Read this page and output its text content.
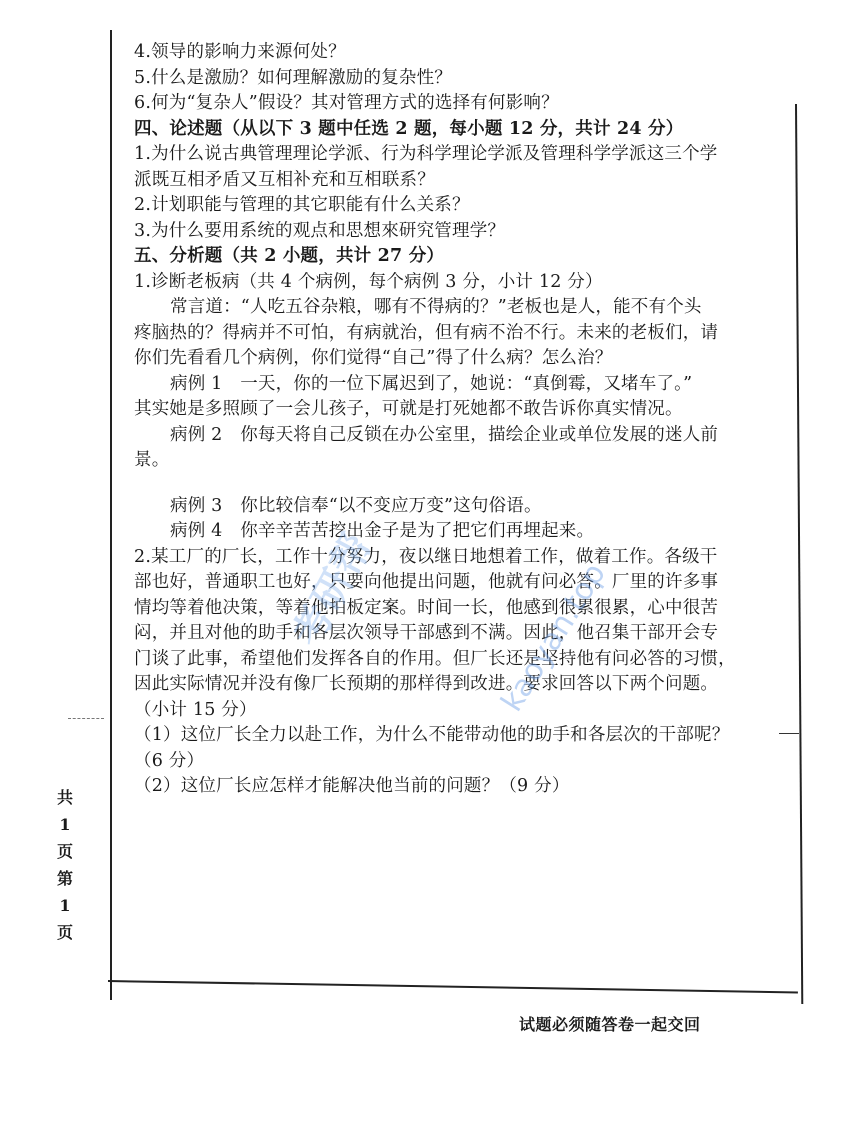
4.领导的影响力来源何处？
5.什么是激励？如何理解激励的复杂性？
6.何为“复杂人”假设？其对管理方式的选择有何影响？
四、论述题（从以下 3 题中任选 2 题，每小题 12 分，共计 24 分）
1.为什么说古典管理理论学派、行为科学理论学派及管理科学学派这三个学
派既互相矛盾又互相补充和互相联系？
2.计划职能与管理的其它职能有什么关系？
3.为什么要用系统的观点和思想來研究管理学？
五、分析题（共 2 小题，共计 27 分）
1.诊断老板病（共 4 个病例，每个病例 3 分，小计 12 分）
常言道：“人吃五谷杂粮，哪有不得病的？”老板也是人，能不有个头
疼脑热的？得病并不可怕，有病就治，但有病不治不行。未来的老板们，请
你们先看看几个病例，你们觉得“自己”得了什么病？怎么治？
病例 1　一天，你的一位下属迟到了，她说：“真倒霉，又堵车了。”
其实她是多照顾了一会儿孩子，可就是打死她都不敢告诉你真实情况。
病例 2　你每天将自己反锁在办公室里，描绘企业或单位发展的迷人前
景。
病例 3　你比较信奉“以不变应万变”这句俗语。
病例 4　你辛辛苦苦挖出金子是为了把它们再埋起来。
2.某工厂的厂长，工作十分努力，夜以继日地想着工作，做着工作。各级干
部也好，普通职工也好，只要向他提出问题，他就有问必答。厂里的许多事
情均等着他决策，等着他拍板定案。时间一长，他感到很累很累，心中很苦
闷，并且对他的助手和各层次领导干部感到不满。因此，他召集干部开会专
门谈了此事，希望他们发挥各自的作用。但厂长还是坚持他有问必答的习惯，
因此实际情况并没有像厂长预期的那样得到改进。要求回答以下两个问题。
（小计 15 分）
（1）这位厂长全力以赴工作，为什么不能带动他的助手和各层次的干部呢？
（6 分）
（2）这位厂长应怎样才能解决他当前的问题？（9 分）
共
1
页
第
1
页
试题必须随答卷一起交回
考研帮	kaoyan.top
